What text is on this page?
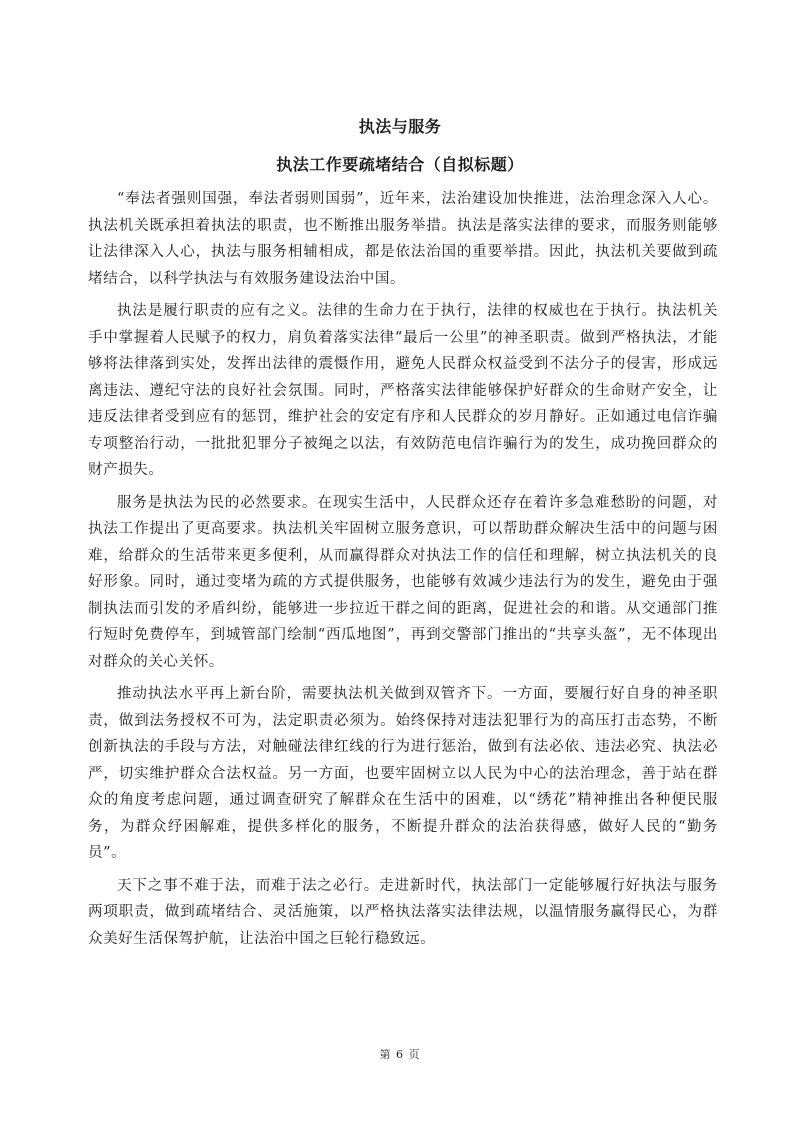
执法与服务
执法工作要疏堵结合（自拟标题）

“奉法者强则国强，奉法者弱则国弱”，近年来，法治建设加快推进，法治理念深入人心。执法机关既承担着执法的职责，也不断推出服务举措。执法是落实法律的要求，而服务则能够让法律深入人心，执法与服务相辅相成，都是依法治国的重要举措。因此，执法机关要做到疏堵结合，以科学执法与有效服务建设法治中国。

执法是履行职责的应有之义。法律的生命力在于执行，法律的权威也在于执行。执法机关手中掌握着人民赋予的权力，肩负着落实法律“最后一公里”的神圣职责。做到严格执法，才能够将法律落到实处，发挥出法律的震慑作用，避免人民群众权益受到不法分子的侵害，形成远离违法、遵纪守法的良好社会氛围。同时，严格落实法律能够保护好群众的生命财产安全，让违反法律者受到应有的惩罚，维护社会的安定有序和人民群众的岁月静好。正如通过电信诈骗专项整治行动，一批批犯罪分子被绳之以法，有效防范电信诈骗行为的发生，成功挽回群众的财产损失。

服务是执法为民的必然要求。在现实生活中，人民群众还存在着许多急难愁盼的问题，对执法工作提出了更高要求。执法机关牢固树立服务意识，可以帮助群众解决生活中的问题与困难，给群众的生活带来更多便利，从而赢得群众对执法工作的信任和理解，树立执法机关的良好形象。同时，通过变堵为疏的方式提供服务，也能够有效减少违法行为的发生，避免由于强制执法而引发的矛盾纠纷，能够进一步拉近干群之间的距离，促进社会的和谐。从交通部门推行短时免费停车，到城管部门绘制“西瓜地图”，再到交警部门推出的“共享头盔”，无不体现出对群众的关心关怀。

推动执法水平再上新台阶，需要执法机关做到双管齐下。一方面，要履行好自身的神圣职责，做到法务授权不可为，法定职责必须为。始终保持对违法犯罪行为的高压打击态势，不断创新执法的手段与方法，对触碰法律红线的行为进行惩治，做到有法必依、违法必究、执法必严，切实维护群众合法权益。另一方面，也要牢固树立以人民为中心的法治理念，善于站在群众的角度考虑问题，通过调查研究了解群众在生活中的困难，以“绣花”精神推出各种便民服务，为群众纾困解难，提供多样化的服务，不断提升群众的法治获得感，做好人民的“勤务员”。

天下之事不难于法，而难于法之必行。走进新时代，执法部门一定能够履行好执法与服务两项职责，做到疏堵结合、灵活施策，以严格执法落实法律法规，以温情服务赢得民心，为群众美好生活保驾护航，让法治中国之巨轮行稳致远。

第 6 页
